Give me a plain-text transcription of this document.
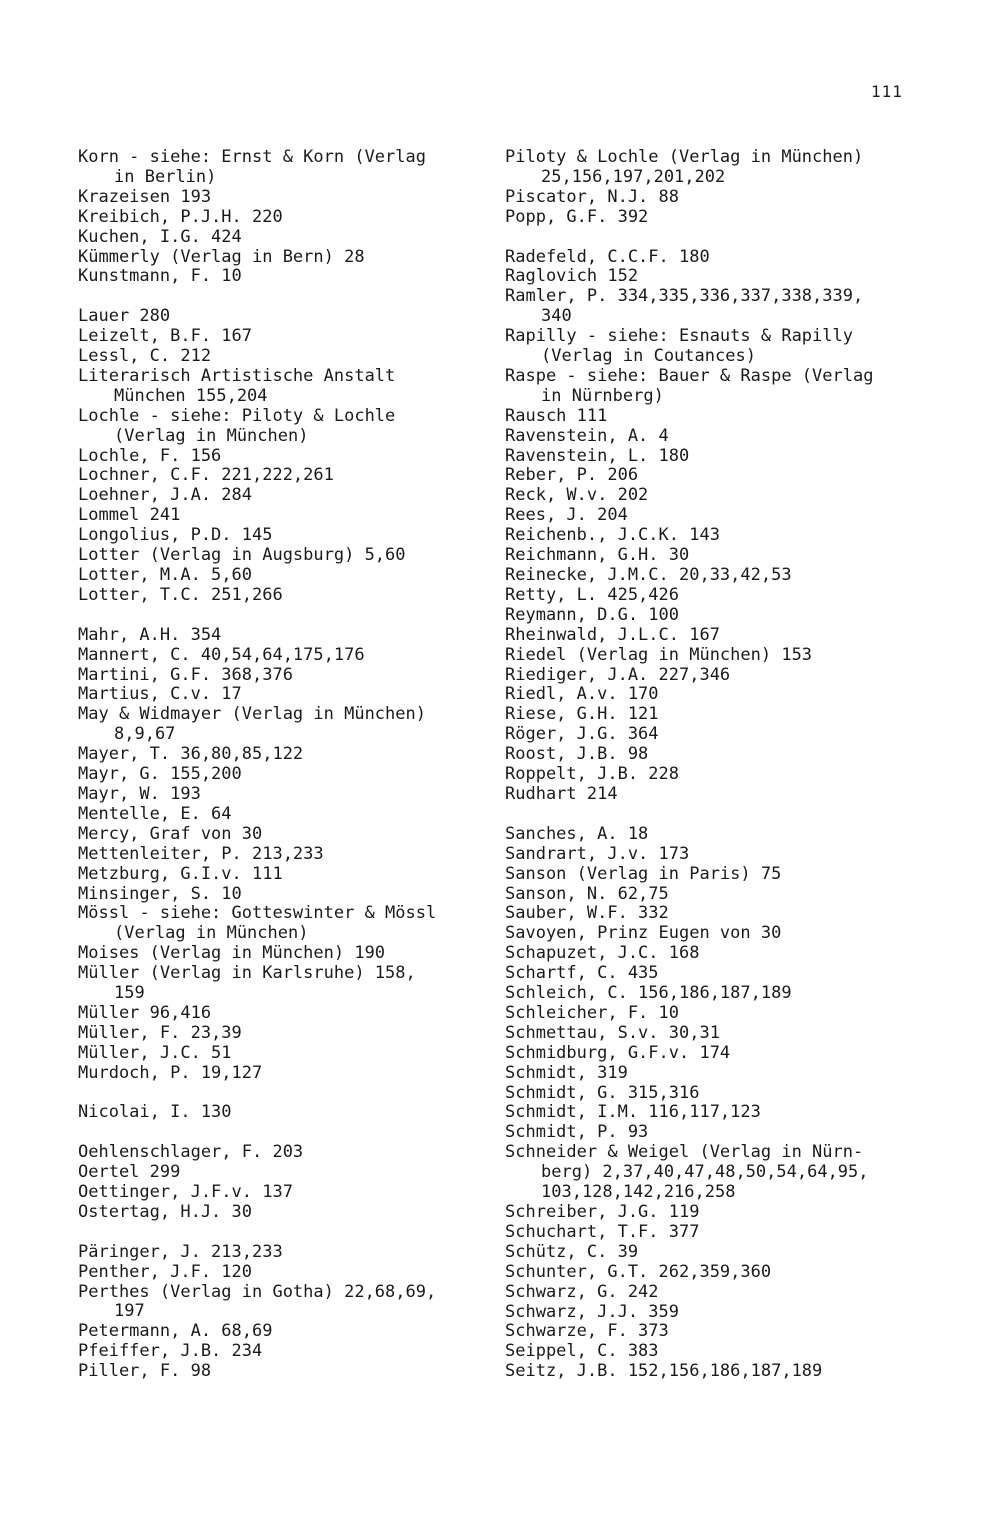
111
Korn - siehe: Ernst & Korn (Verlag
in Berlin)
Krazeisen 193
Kreibich, P.J.H. 220
Kuchen, I.G. 424
Kümmerly (Verlag in Bern) 28
Kunstmann, F. 10
Lauer 280
Leizelt, B.F. 167
Lessl, C. 212
Literarisch Artistische Anstalt
München 155,204
Lochle - siehe: Piloty & Lochle
(Verlag in München)
Lochle, F. 156
Lochner, C.F. 221,222,261
Loehner, J.A. 284
Lommel 241
Longolius, P.D. 145
Lotter (Verlag in Augsburg) 5,60
Lotter, M.A. 5,60
Lotter, T.C. 251,266
Mahr, A.H. 354
Mannert, C. 40,54,64,175,176
Martini, G.F. 368,376
Martius, C.v. 17
May & Widmayer (Verlag in München)
8,9,67
Mayer, T. 36,80,85,122
Mayr, G. 155,200
Mayr, W. 193
Mentelle, E. 64
Mercy, Graf von 30
Mettenleiter, P. 213,233
Metzburg, G.I.v. 111
Minsinger, S. 10
Mössl - siehe: Gotteswinter & Mössl
(Verlag in München)
Moises (Verlag in München) 190
Müller (Verlag in Karlsruhe) 158,
159
Müller 96,416
Müller, F. 23,39
Müller, J.C. 51
Murdoch, P. 19,127
Nicolai, I. 130
Oehlenschlager, F. 203
Oertel 299
Oettinger, J.F.v. 137
Ostertag, H.J. 30
Päringer, J. 213,233
Penther, J.F. 120
Perthes (Verlag in Gotha) 22,68,69,
197
Petermann, A. 68,69
Pfeiffer, J.B. 234
Piller, F. 98
Piloty & Lochle (Verlag in München)
25,156,197,201,202
Piscator, N.J. 88
Popp, G.F. 392
Radefeld, C.C.F. 180
Raglovich 152
Ramler, P. 334,335,336,337,338,339,
340
Rapilly - siehe: Esnauts & Rapilly
(Verlag in Coutances)
Raspe - siehe: Bauer & Raspe (Verlag
in Nürnberg)
Rausch 111
Ravenstein, A. 4
Ravenstein, L. 180
Reber, P. 206
Reck, W.v. 202
Rees, J. 204
Reichenb., J.C.K. 143
Reichmann, G.H. 30
Reinecke, J.M.C. 20,33,42,53
Retty, L. 425,426
Reymann, D.G. 100
Rheinwald, J.L.C. 167
Riedel (Verlag in München) 153
Riediger, J.A. 227,346
Riedl, A.v. 170
Riese, G.H. 121
Röger, J.G. 364
Roost, J.B. 98
Roppelt, J.B. 228
Rudhart 214
Sanches, A. 18
Sandrart, J.v. 173
Sanson (Verlag in Paris) 75
Sanson, N. 62,75
Sauber, W.F. 332
Savoyen, Prinz Eugen von 30
Schapuzet, J.C. 168
Schartf, C. 435
Schleich, C. 156,186,187,189
Schleicher, F. 10
Schmettau, S.v. 30,31
Schmidburg, G.F.v. 174
Schmidt, 319
Schmidt, G. 315,316
Schmidt, I.M. 116,117,123
Schmidt, P. 93
Schneider & Weigel (Verlag in Nürn-
berg) 2,37,40,47,48,50,54,64,95,
103,128,142,216,258
Schreiber, J.G. 119
Schuchart, T.F. 377
Schütz, C. 39
Schunter, G.T. 262,359,360
Schwarz, G. 242
Schwarz, J.J. 359
Schwarze, F. 373
Seippel, C. 383
Seitz, J.B. 152,156,186,187,189
